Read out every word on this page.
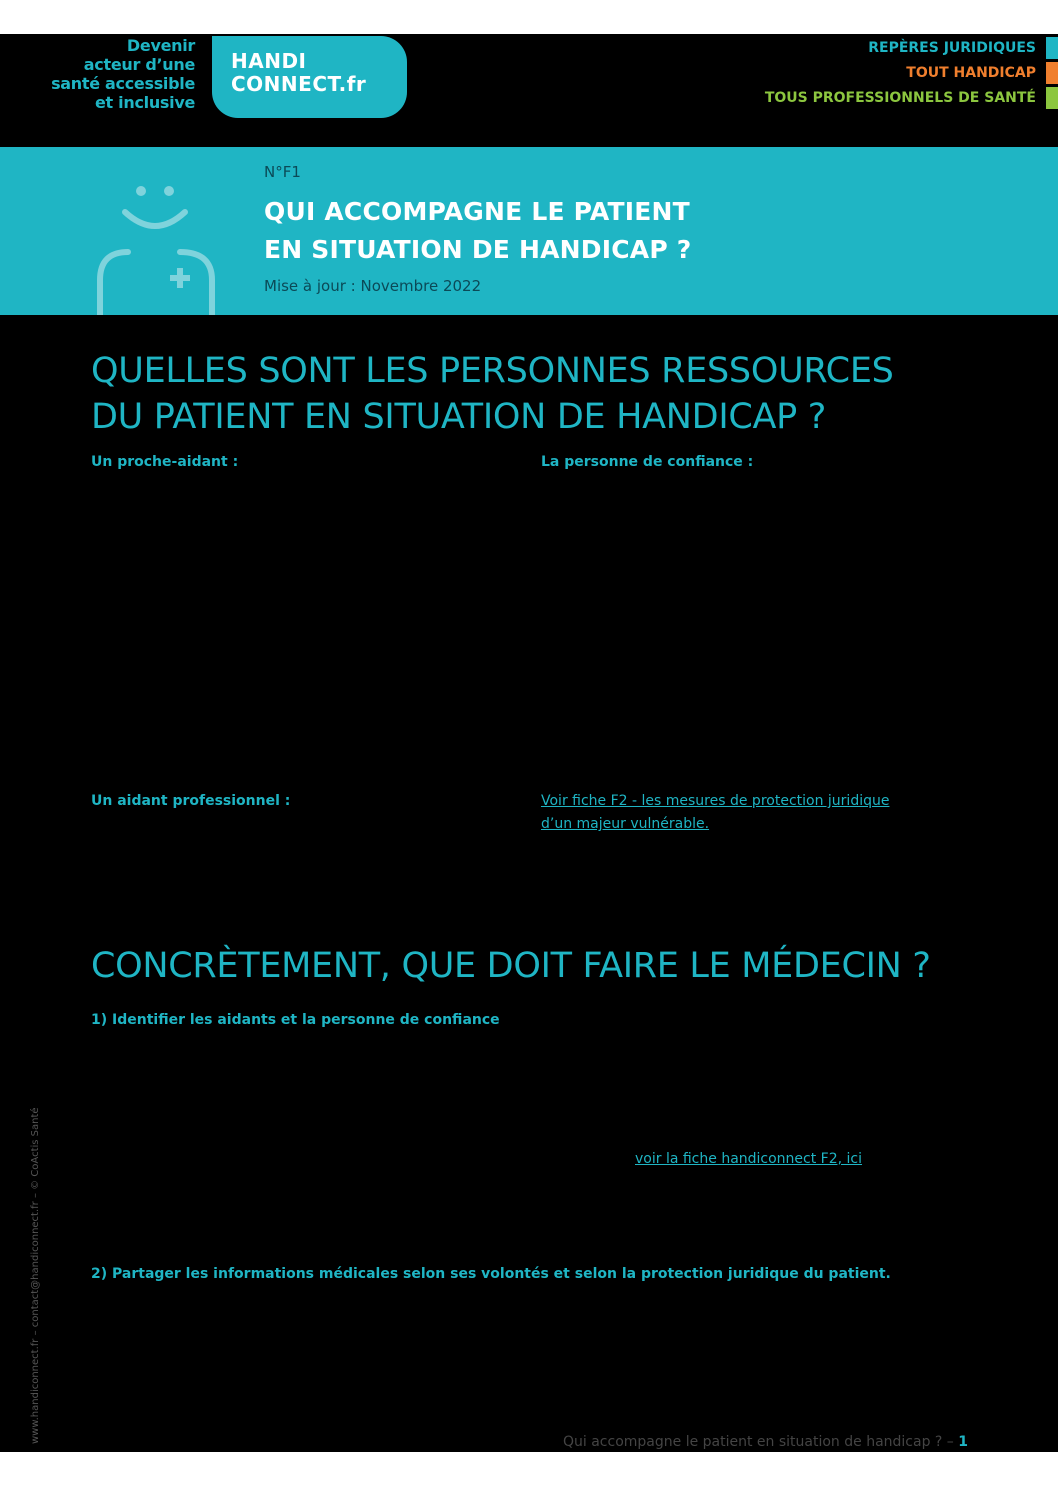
Devenir
acteur d’une
santé accessible
et inclusive
HANDI
CONNECT.fr
REPÈRES JURIDIQUES
TOUT HANDICAP
TOUS PROFESSIONNELS DE SANTÉ
N°F1
QUI ACCOMPAGNE LE PATIENT
EN SITUATION DE HANDICAP ?
Mise à jour : Novembre 2022
QUELLES SONT LES PERSONNES RESSOURCES
DU PATIENT EN SITUATION DE HANDICAP ?
Un proche-aidant :	La personne de confiance :
Un aidant professionnel :	Voir fiche F2 - les mesures de protection juridique
d’un majeur vulnérable.
CONCRÈTEMENT, QUE DOIT FAIRE LE MÉDECIN ?
1) Identifier les aidants et la personne de confiance
voir la fiche handiconnect F2, ici
2) Partager les informations médicales selon ses volontés et selon la protection juridique du patient.
www.handiconnect.fr – contact@handiconnect.fr – © CoActis Santé	Qui accompagne le patient en situation de handicap ? – 1
